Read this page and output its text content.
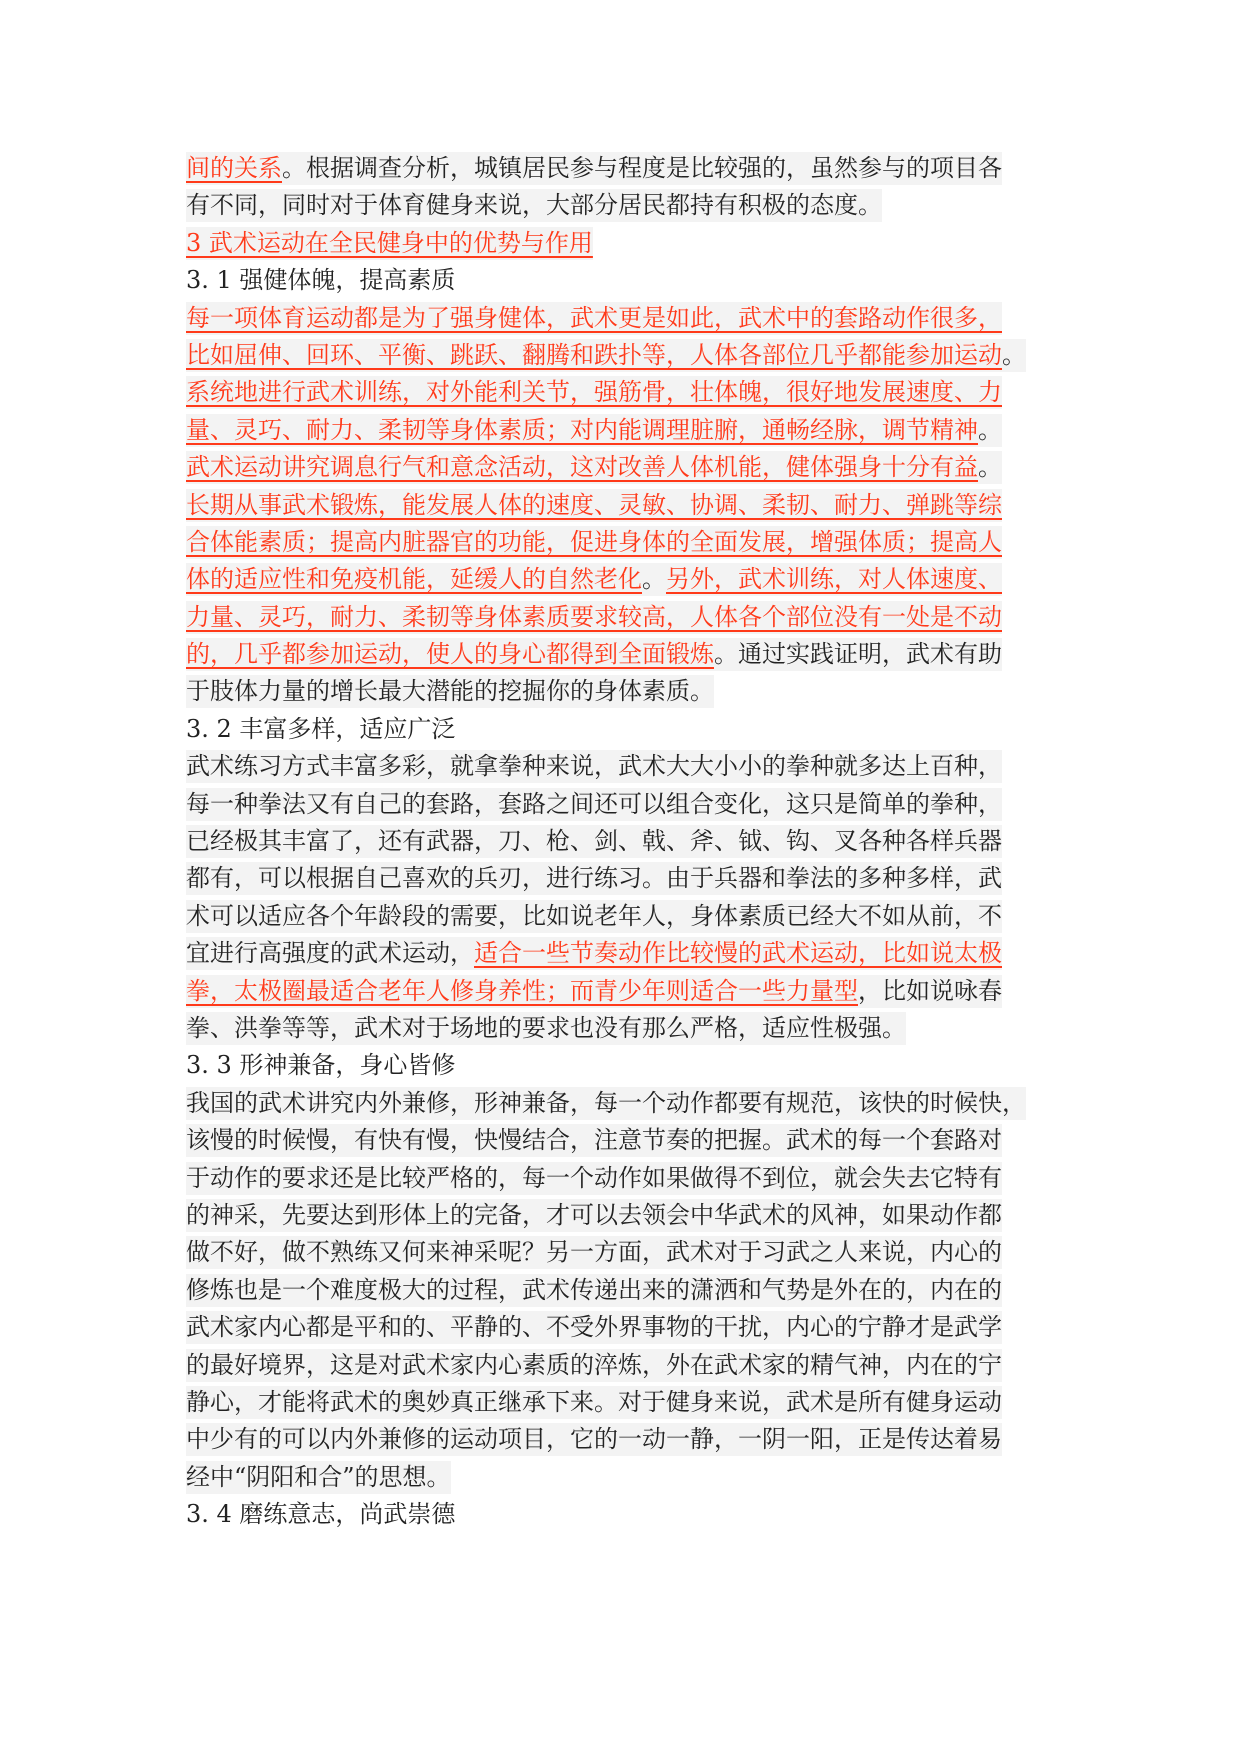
间的关系。根据调查分析，城镇居民参与程度是比较强的，虽然参与的项目各
有不同，同时对于体育健身来说，大部分居民都持有积极的态度。
3 武术运动在全民健身中的优势与作用
3. 1 强健体魄，提高素质
每一项体育运动都是为了强身健体，武术更是如此，武术中的套路动作很多，
比如屈伸、回环、平衡、跳跃、翻腾和跌扑等，人体各部位几乎都能参加运动。
系统地进行武术训练，对外能利关节，强筋骨，壮体魄，很好地发展速度、力
量、灵巧、耐力、柔韧等身体素质；对内能调理脏腑，通畅经脉，调节精神。
武术运动讲究调息行气和意念活动，这对改善人体机能，健体强身十分有益。
长期从事武术锻炼，能发展人体的速度、灵敏、协调、柔韧、耐力、弹跳等综
合体能素质；提高内脏器官的功能，促进身体的全面发展，增强体质；提高人
体的适应性和免疫机能，延缓人的自然老化。另外，武术训练，对人体速度、
力量、灵巧，耐力、柔韧等身体素质要求较高，人体各个部位没有一处是不动
的，几乎都参加运动，使人的身心都得到全面锻炼。通过实践证明，武术有助
于肢体力量的增长最大潜能的挖掘你的身体素质。
3. 2 丰富多样，适应广泛
武术练习方式丰富多彩，就拿拳种来说，武术大大小小的拳种就多达上百种，
每一种拳法又有自己的套路，套路之间还可以组合变化，这只是简单的拳种，
已经极其丰富了，还有武器，刀、枪、剑、戟、斧、钺、钩、叉各种各样兵器
都有，可以根据自己喜欢的兵刃，进行练习。由于兵器和拳法的多种多样，武
术可以适应各个年龄段的需要，比如说老年人，身体素质已经大不如从前，不
宜进行高强度的武术运动，适合一些节奏动作比较慢的武术运动，比如说太极
拳，太极圈最适合老年人修身养性；而青少年则适合一些力量型，比如说咏春
拳、洪拳等等，武术对于场地的要求也没有那么严格，适应性极强。
3. 3 形神兼备，身心皆修
我国的武术讲究内外兼修，形神兼备，每一个动作都要有规范，该快的时候快，
该慢的时候慢，有快有慢，快慢结合，注意节奏的把握。武术的每一个套路对
于动作的要求还是比较严格的，每一个动作如果做得不到位，就会失去它特有
的神采，先要达到形体上的完备，才可以去领会中华武术的风神，如果动作都
做不好，做不熟练又何来神采呢？另一方面，武术对于习武之人来说，内心的
修炼也是一个难度极大的过程，武术传递出来的潇洒和气势是外在的，内在的
武术家内心都是平和的、平静的、不受外界事物的干扰，内心的宁静才是武学
的最好境界，这是对武术家内心素质的淬炼，外在武术家的精气神，内在的宁
静心，才能将武术的奥妙真正继承下来。对于健身来说，武术是所有健身运动
中少有的可以内外兼修的运动项目，它的一动一静，一阴一阳，正是传达着易
经中“阴阳和合”的思想。
3. 4 磨练意志，尚武崇德
